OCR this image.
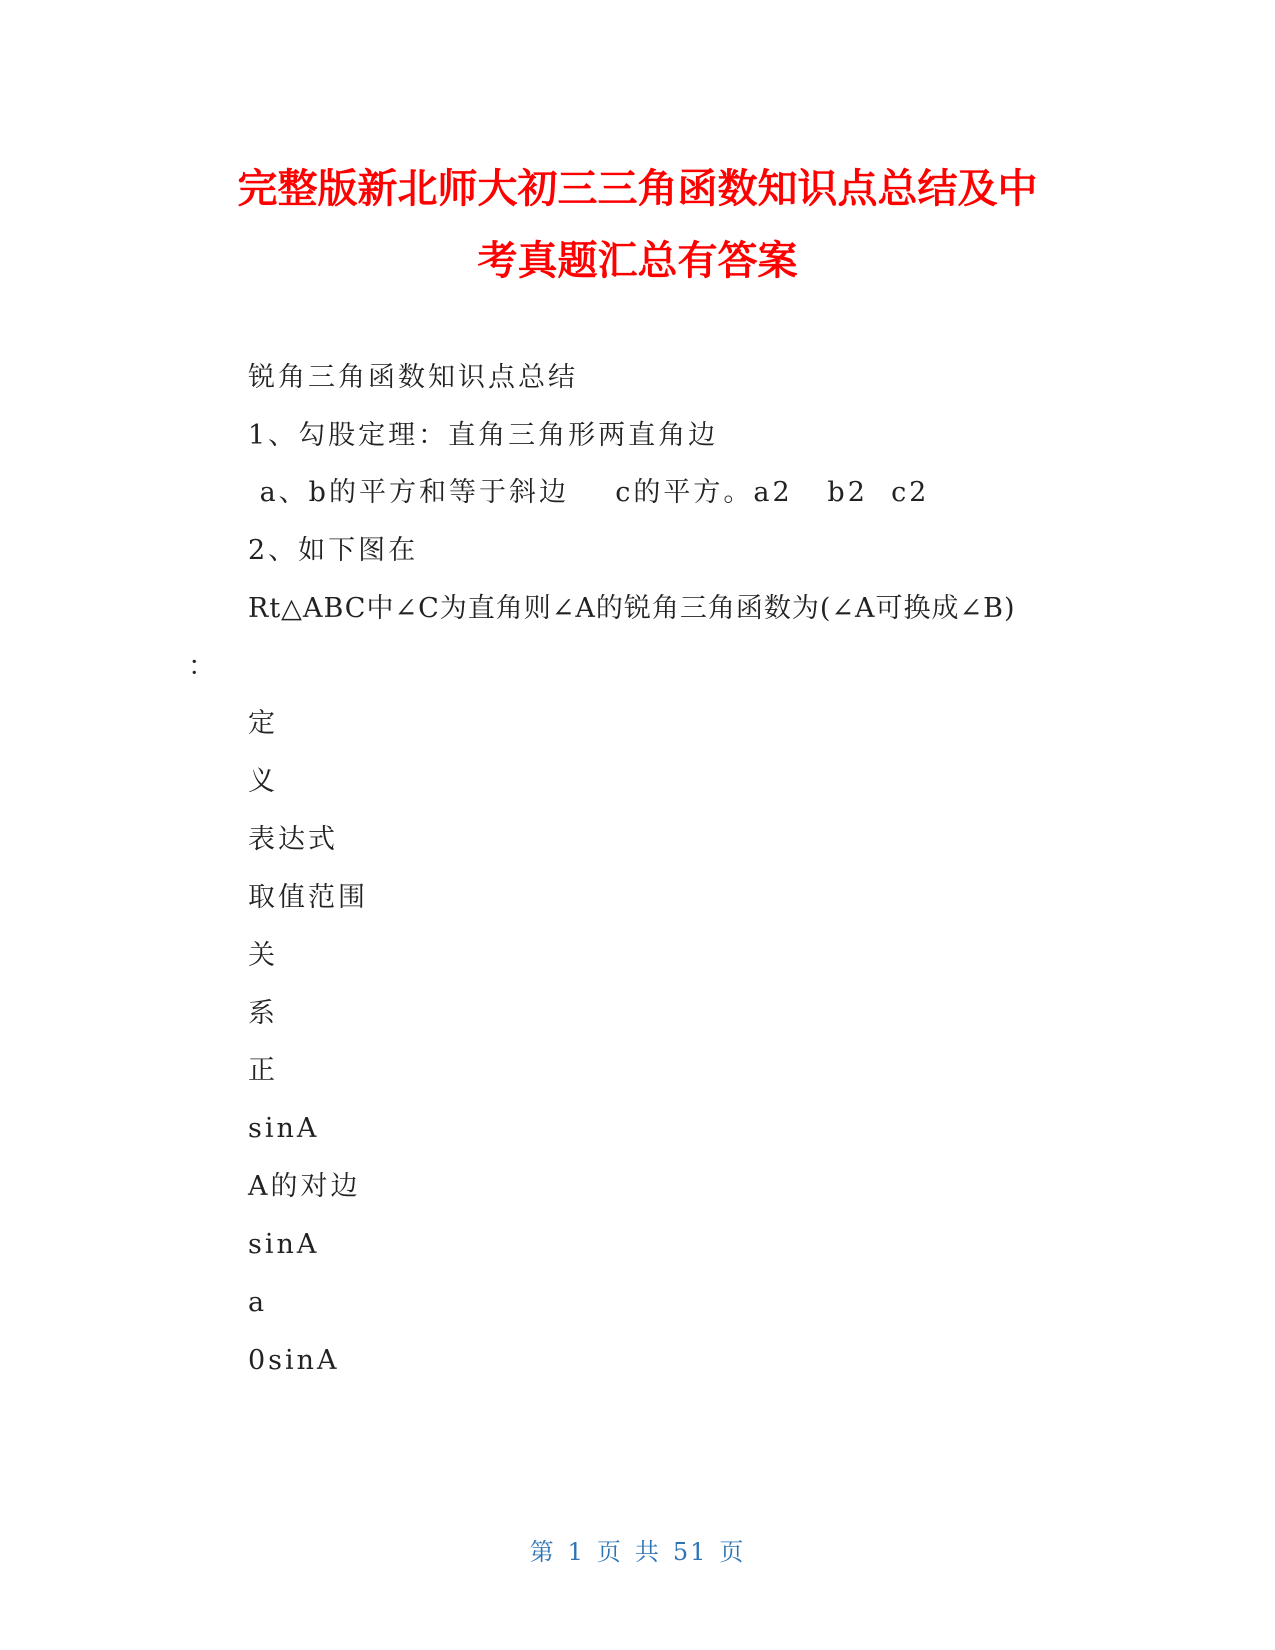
完整版新北师大初三三角函数知识点总结及中
考真题汇总有答案
锐角三角函数知识点总结
1、勾股定理：直角三角形两直角边
a、b的平方和等于斜边    c的平方。a2   b2  c2
2、如下图在
Rt△ABC中∠C为直角则∠A的锐角三角函数为(∠A可换成∠B)
：
定
义
表达式
取值范围
关
系
正
sinA
A的对边
sinA
a
0sinA
第 1 页 共 51 页
